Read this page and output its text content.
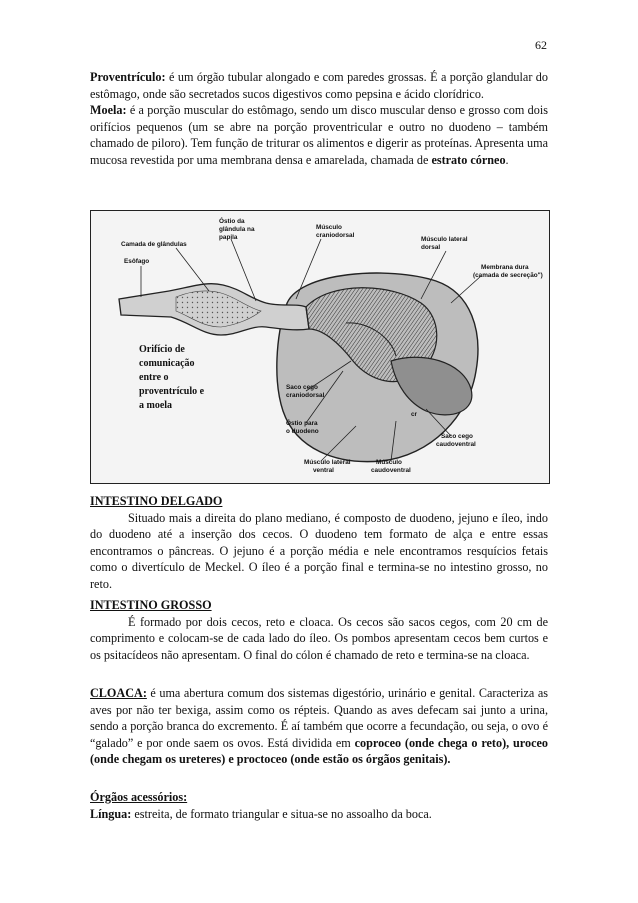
62

Proventrículo: é um órgão tubular alongado e com paredes grossas. É a porção glandular do estômago, onde são secretados sucos digestivos como pepsina e ácido clorídrico.

Moela: é a porção muscular do estômago, sendo um disco muscular denso e grosso com dois orifícios pequenos (um se abre na porção proventricular e outro no duodeno – também chamado de piloro). Tem função de triturar os alimentos e digerir as proteínas. Apresenta uma mucosa revestida por uma membrana densa e amarelada, chamada de estrato córneo.

Camada de glândulas
Óstio da
glândula na
papila
Músculo
craniodorsal
Músculo lateral
dorsal
Esôfago
Membrana dura
(camada de secreção")
Saco cego
craniodorsal
Óstio para
o duodeno
Músculo lateral
ventral
Músculo
caudoventral
Saco cego
caudoventral
cr
Orifício de
comunicação
entre o
proventrículo e
a moela

INTESTINO DELGADO

Situado mais a direita do plano mediano, é composto de duodeno, jejuno e íleo, indo do duodeno até a inserção dos cecos. O duodeno tem formato de alça e entre essas encontramos o pâncreas. O jejuno é a porção média e nele encontramos resquícios fetais como o divertículo de Meckel. O íleo é a porção final e termina-se no intestino grosso, no reto.

INTESTINO GROSSO

É formado por dois cecos, reto e cloaca. Os cecos são sacos cegos, com 20 cm de comprimento e colocam-se de cada lado do íleo. Os pombos apresentam cecos bem curtos e os psitacídeos não apresentam. O final do cólon é chamado de reto e termina-se na cloaca.

CLOACA: é uma abertura comum dos sistemas digestório, urinário e genital. Caracteriza as aves por não ter bexiga, assim como os répteis. Quando as aves defecam sai junto a urina, sendo a porção branca do excremento. É aí também que ocorre a fecundação, ou seja, o ovo é “galado” e por onde saem os ovos. Está dividida em coproceo (onde chega o reto), uroceo (onde chegam os ureteres) e proctoceo (onde estão os órgãos genitais).

Órgãos acessórios:

Língua: estreita, de formato triangular e situa-se no assoalho da boca.
